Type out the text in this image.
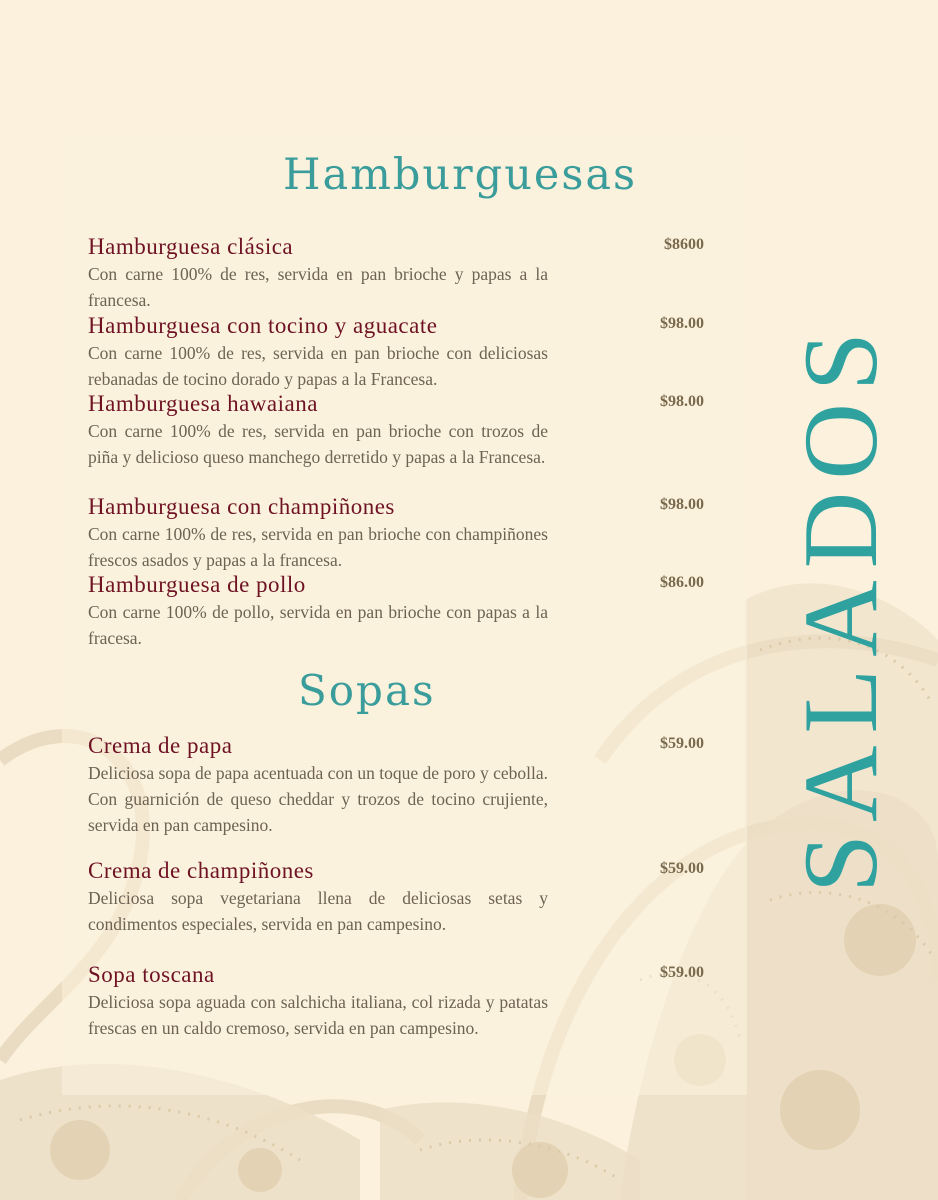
SALADOS
Hamburguesas
Hamburguesa clásica	$8600
Con carne 100% de res, servida en pan brioche y papas a la francesa.
Hamburguesa con tocino y aguacate	$98.00
Con carne 100% de res, servida en pan brioche con deliciosas rebanadas de tocino dorado y papas a la Francesa.
Hamburguesa hawaiana	$98.00
Con carne 100% de res, servida en pan brioche con trozos de piña y delicioso queso manchego derretido y papas a la Francesa.
Hamburguesa con champiñones	$98.00
Con carne 100% de res, servida en pan brioche con champiñones frescos asados y papas a la francesa.
Hamburguesa de pollo	$86.00
Con carne 100% de pollo, servida en pan brioche con papas a la fracesa.
Sopas
Crema de papa	$59.00
Deliciosa sopa de papa acentuada con un toque de poro y cebolla. Con guarnición de queso cheddar y trozos de tocino crujiente, servida en pan campesino.
Crema de champiñones	$59.00
Deliciosa sopa vegetariana llena de deliciosas setas y condimentos especiales, servida en pan campesino.
Sopa toscana	$59.00
Deliciosa sopa aguada con salchicha italiana, col rizada y patatas frescas en un caldo cremoso, servida en pan campesino.
